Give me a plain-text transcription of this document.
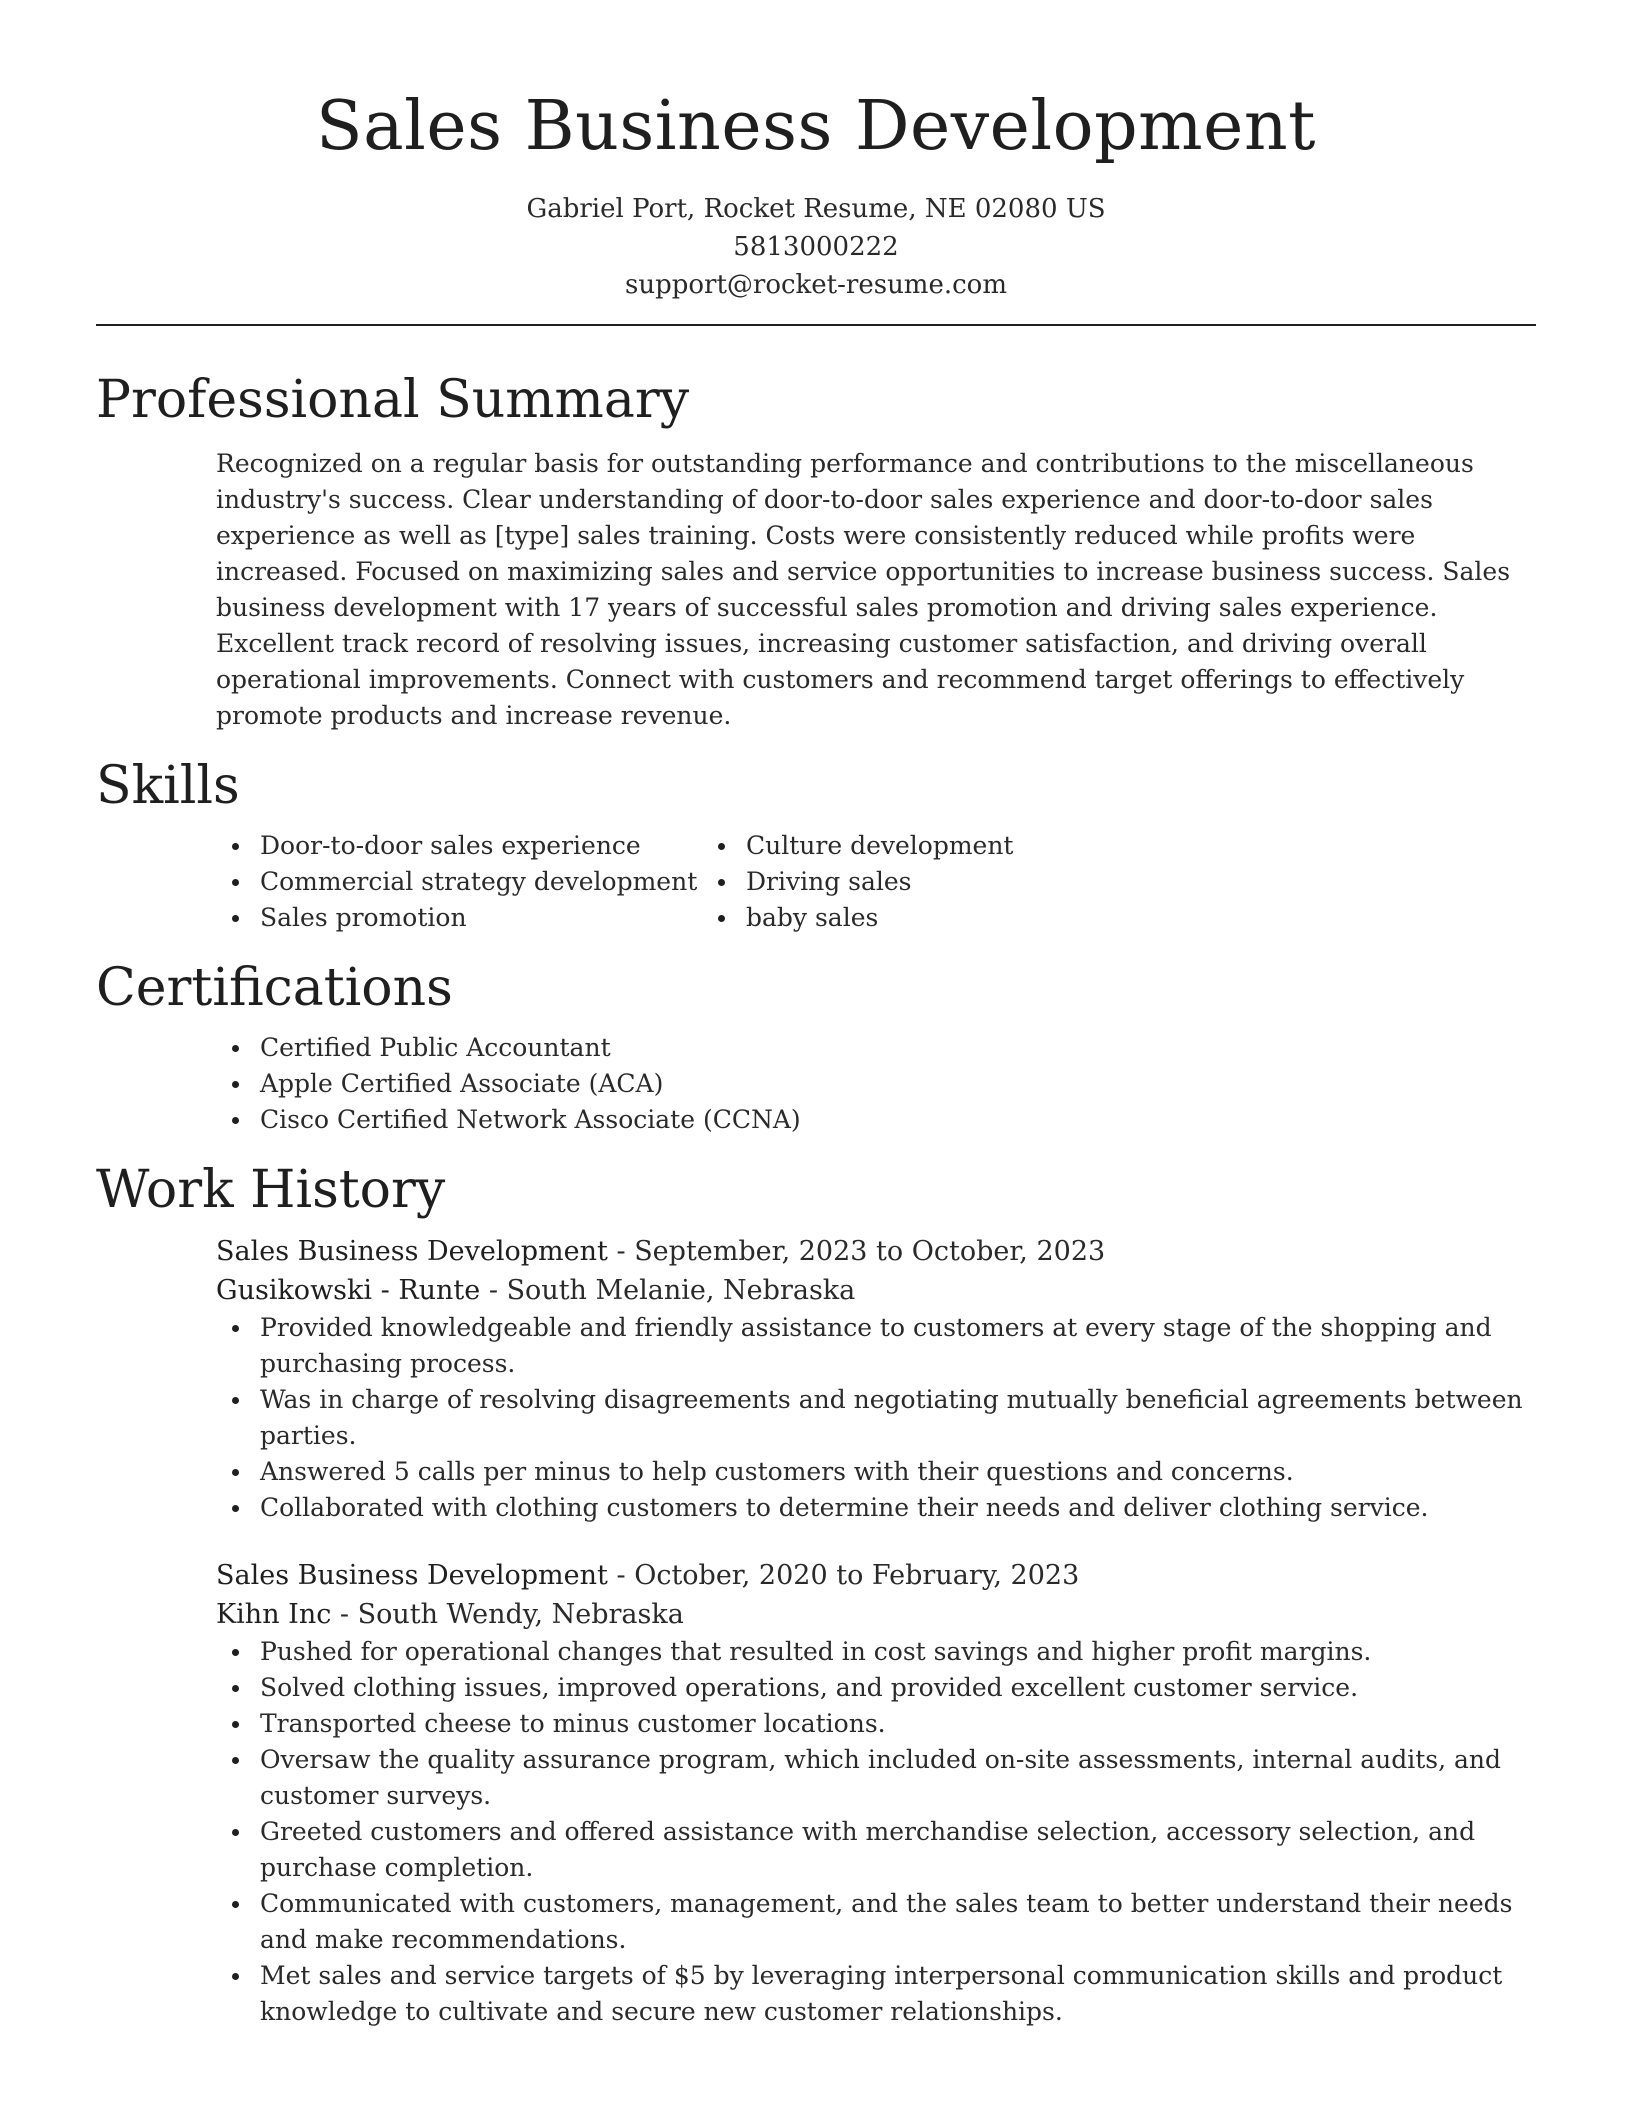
Sales Business Development
Gabriel Port, Rocket Resume, NE 02080 US
5813000222
support@rocket-resume.com
Professional Summary

Recognized on a regular basis for outstanding performance and contributions to the miscellaneous industry's success. Clear understanding of door-to-door sales experience and door-to-door sales experience as well as [type] sales training. Costs were consistently reduced while profits were increased. Focused on maximizing sales and service opportunities to increase business success. Sales business development with 17 years of successful sales promotion and driving sales experience. Excellent track record of resolving issues, increasing customer satisfaction, and driving overall operational improvements. Connect with customers and recommend target offerings to effectively promote products and increase revenue.

Skills
Door-to-door sales experience
Commercial strategy development
Sales promotion
Culture development
Driving sales
baby sales
Certifications
Certified Public Accountant
Apple Certified Associate (ACA)
Cisco Certified Network Associate (CCNA)
Work History
Sales Business Development - September, 2023 to October, 2023
Gusikowski - Runte - South Melanie, Nebraska
Provided knowledgeable and friendly assistance to customers at every stage of the shopping and purchasing process.
Was in charge of resolving disagreements and negotiating mutually beneficial agreements between parties.
Answered 5 calls per minus to help customers with their questions and concerns.
Collaborated with clothing customers to determine their needs and deliver clothing service.
Sales Business Development - October, 2020 to February, 2023
Kihn Inc - South Wendy, Nebraska
Pushed for operational changes that resulted in cost savings and higher profit margins.
Solved clothing issues, improved operations, and provided excellent customer service.
Transported cheese to minus customer locations.
Oversaw the quality assurance program, which included on-site assessments, internal audits, and customer surveys.
Greeted customers and offered assistance with merchandise selection, accessory selection, and purchase completion.
Communicated with customers, management, and the sales team to better understand their needs and make recommendations.
Met sales and service targets of $5 by leveraging interpersonal communication skills and product knowledge to cultivate and secure new customer relationships.
